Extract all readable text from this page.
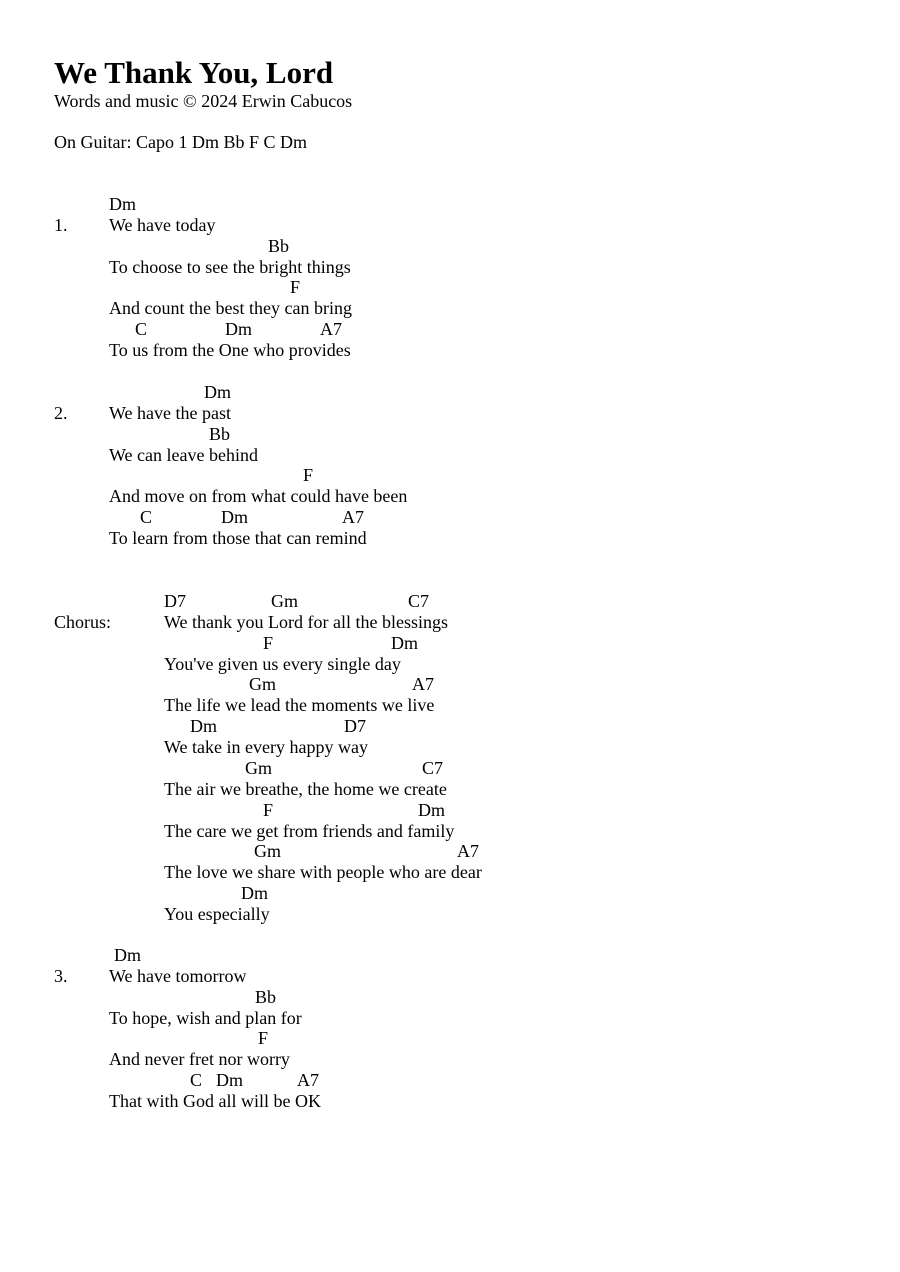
We Thank You, Lord
Words and music © 2024 Erwin Cabucos
On Guitar: Capo 1 Dm Bb F C Dm
1.
Dm
We have today
Bb
To choose to see the bright things
F
And count the best they can bring
C	Dm	A7
To us from the One who provides
2.
Dm
We have the past
Bb
We can leave behind
F
And move on from what could have been
C	Dm	A7
To learn from those that can remind
Chorus:
D7	Gm	C7
We thank you Lord for all the blessings
F	Dm
You've given us every single day
Gm	A7
The life we lead the moments we live
Dm	D7
We take in every happy way
Gm	C7
The air we breathe, the home we create
F	Dm
The care we get from friends and family
Gm	A7
The love we share with people who are dear
Dm
You especially
3.
Dm
We have tomorrow
Bb
To hope, wish and plan for
F
And never fret nor worry
C Dm	A7
That with God all will be OK
